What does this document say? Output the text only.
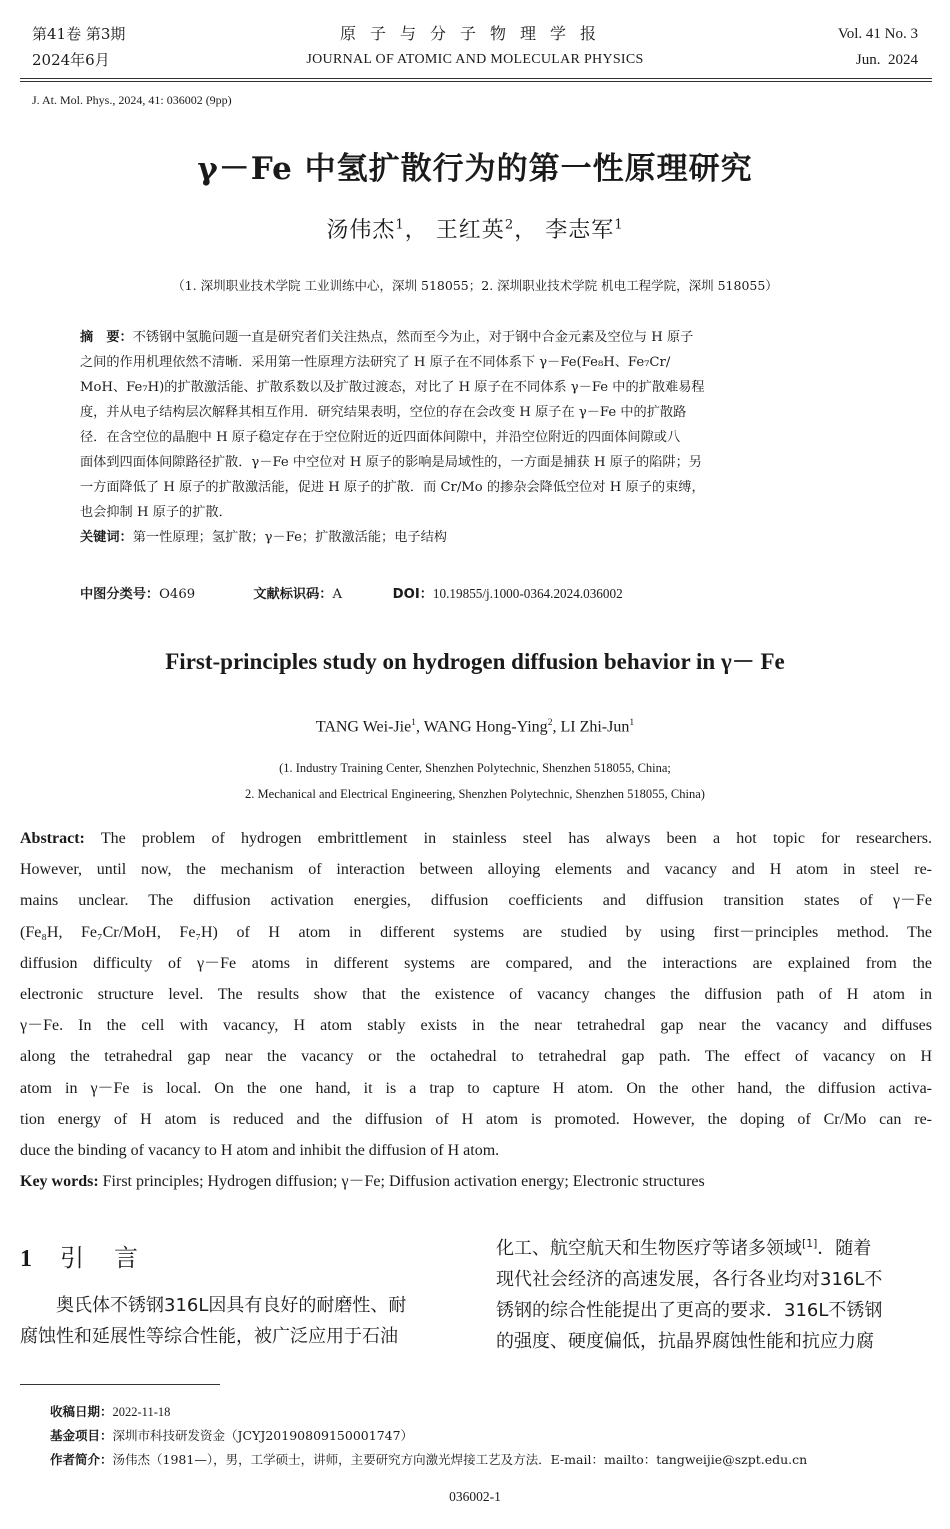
第41卷 第3期
2024年6月
原子与分子物理学报
JOURNAL OF ATOMIC AND MOLECULAR PHYSICS
Vol. 41 No. 3
Jun.  2024
J. At. Mol. Phys., 2024, 41: 036002 (9pp)
γ－Fe 中氢扩散行为的第一性原理研究
汤伟杰$^1$， 王红英$^2$， 李志军$^1$
（1. 深圳职业技术学院 工业训练中心，深圳 518055；2. 深圳职业技术学院 机电工程学院，深圳 518055）
摘　要：不锈钢中氢脆问题一直是研究者们关注热点，然而至今为止，对于钢中合金元素及空位与 H 原子
之间的作用机理依然不清晰．采用第一性原理方法研究了 H 原子在不同体系下 γ－Fe(Fe₈H、Fe₇Cr/
MoH、Fe₇H)的扩散激活能、扩散系数以及扩散过渡态，对比了 H 原子在不同体系 γ－Fe 中的扩散难易程
度，并从电子结构层次解释其相互作用．研究结果表明，空位的存在会改变 H 原子在 γ－Fe 中的扩散路
径．在含空位的晶胞中 H 原子稳定存在于空位附近的近四面体间隙中，并沿空位附近的四面体间隙或八
面体到四面体间隙路径扩散．γ－Fe 中空位对 H 原子的影响是局域性的，一方面是捕获 H 原子的陷阱；另
一方面降低了 H 原子的扩散激活能，促进 H 原子的扩散．而 Cr/Mo 的掺杂会降低空位对 H 原子的束缚，
也会抑制 H 原子的扩散．
关键词：第一性原理；氢扩散；γ－Fe；扩散激活能；电子结构
中图分类号：O469	文献标识码：A	DOI：10.19855/j.1000-0364.2024.036002
First-principles study on hydrogen diffusion behavior in γ－ Fe
TANG Wei-Jie$^1$, WANG Hong-Ying$^2$, LI Zhi-Jun$^1$
(1. Industry Training Center, Shenzhen Polytechnic, Shenzhen 518055, China;
2. Mechanical and Electrical Engineering, Shenzhen Polytechnic, Shenzhen 518055, China)
Abstract: The problem of hydrogen embrittlement in stainless steel has always been a hot topic for researchers.
However, until now, the mechanism of interaction between alloying elements and vacancy and H atom in steel re-
mains unclear. The diffusion activation energies, diffusion coefficients and diffusion transition states of γ－Fe
(Fe₈H, Fe₇Cr/MoH, Fe₇H) of H atom in different systems are studied by using first－principles method. The
diffusion difficulty of γ－Fe atoms in different systems are compared, and the interactions are explained from the
electronic structure level. The results show that the existence of vacancy changes the diffusion path of H atom in
γ－Fe. In the cell with vacancy, H atom stably exists in the near tetrahedral gap near the vacancy and diffuses
along the tetrahedral gap near the vacancy or the octahedral to tetrahedral gap path. The effect of vacancy on H
atom in γ－Fe is local. On the one hand, it is a trap to capture H atom. On the other hand, the diffusion activa-
tion energy of H atom is reduced and the diffusion of H atom is promoted. However, the doping of Cr/Mo can re-
duce the binding of vacancy to H atom and inhibit the diffusion of H atom.
Key words: First principles; Hydrogen diffusion; γ－Fe; Diffusion activation energy; Electronic structures
1 引言
奥氏体不锈钢316L因具有良好的耐磨性、耐
腐蚀性和延展性等综合性能，被广泛应用于石油
化工、航空航天和生物医疗等诸多领域[1]．随着
现代社会经济的高速发展，各行各业均对316L不
锈钢的综合性能提出了更高的要求．316L不锈钢
的强度、硬度偏低，抗晶界腐蚀性能和抗应力腐
收稿日期：2022-11-18
基金项目：深圳市科技研发资金（JCYJ20190809150001747）
作者简介：汤伟杰（1981—），男，工学硕士，讲师，主要研究方向激光焊接工艺及方法．E-mail：mailto：tangweijie@szpt.edu.cn
036002-1
